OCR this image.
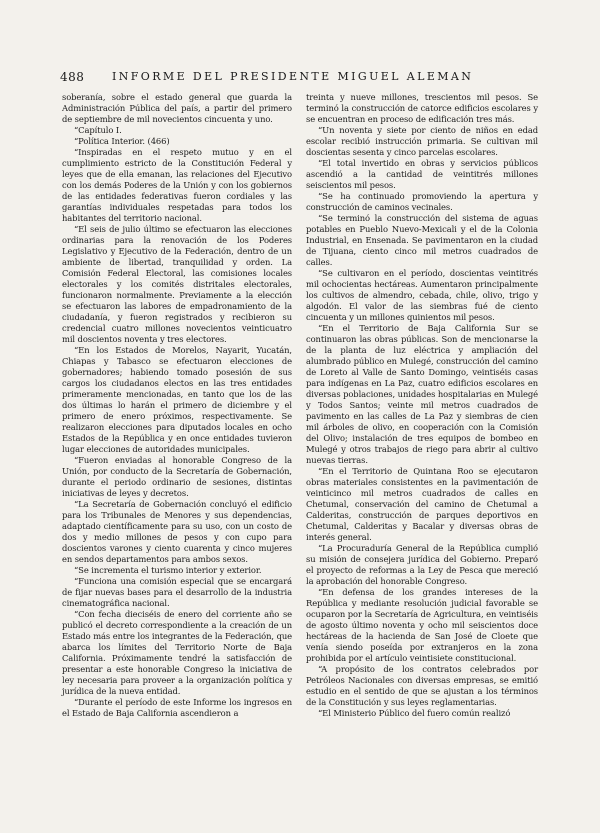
488	INFORME DEL PRESIDENTE MIGUEL ALEMAN

soberanía, sobre el estado general que guarda la Administración Pública del país, a partir del primero de septiembre de mil novecientos cincuenta y uno.

“Capítulo I.

“Política Interior. (466)

“Inspiradas en el respeto mutuo y en el cumplimiento estricto de la Constitución Federal y leyes que de ella emanan, las relaciones del Ejecutivo con los demás Poderes de la Unión y con los gobiernos de las entidades federativas fueron cordiales y las garantías individuales respetadas para todos los habitantes del territorio nacional.

“El seis de julio último se efectuaron las elecciones ordinarias para la renovación de los Poderes Legislativo y Ejecutivo de la Federación, dentro de un ambiente de libertad, tranquilidad y orden. La Comisión Federal Electoral, las comisiones locales electorales y los comités distritales electorales, funcionaron normalmente. Previamente a la elección se efectuaron las labores de empadronamiento de la ciudadanía, y fueron registrados y recibieron su credencial cuatro millones novecientos veinticuatro mil doscientos noventa y tres electores.

“En los Estados de Morelos, Nayarit, Yucatán, Chiapas y Tabasco se efectuaron elecciones de gobernadores; habiendo tomado posesión de sus cargos los ciudadanos electos en las tres entidades primeramente mencionadas, en tanto que los de las dos últimas lo harán el primero de diciembre y el primero de enero próximos, respectivamente. Se realizaron elecciones para diputados locales en ocho Estados de la República y en once entidades tuvieron lugar elecciones de autoridades municipales.

“Fueron enviadas al honorable Congreso de la Unión, por conducto de la Secretaría de Gobernación, durante el periodo ordinario de sesiones, distintas iniciativas de leyes y decretos.

“La Secretaría de Gobernación concluyó el edificio para los Tribunales de Menores y sus dependencias, adaptado científicamente para su uso, con un costo de dos y medio millones de pesos y con cupo para doscientos varones y ciento cuarenta y cinco mujeres en sendos departamentos para ambos sexos.

“Se incrementa el turismo interior y exterior.

“Funciona una comisión especial que se encargará de fijar nuevas bases para el desarrollo de la industria cinematográfica nacional.

“Con fecha dieciséis de enero del corriente año se publicó el decreto correspondiente a la creación de un Estado más entre los integrantes de la Federación, que abarca los límites del Territorio Norte de Baja California. Próximamente tendré la satisfacción de presentar a este honorable Congreso la iniciativa de ley necesaria para proveer a la organización política y jurídica de la nueva entidad.

“Durante el período de este Informe los ingresos en el Estado de Baja California ascendieron a

treinta y nueve millones, trescientos mil pesos. Se terminó la construcción de catorce edificios escolares y se encuentran en proceso de edificación tres más.

“Un noventa y siete por ciento de niños en edad escolar recibió instrucción primaria. Se cultivan mil doscientas sesenta y cinco parcelas escolares.

“El total invertido en obras y servicios públicos ascendió a la cantidad de veintitrés millones seiscientos mil pesos.

“Se ha continuado promoviendo la apertura y construcción de caminos vecinales.

“Se terminó la construcción del sistema de aguas potables en Pueblo Nuevo-Mexicali y el de la Colonia Industrial, en Ensenada. Se pavimentaron en la ciudad de Tijuana, ciento cinco mil metros cuadrados de calles.

“Se cultivaron en el período, doscientas veintitrés mil ochocientas hectáreas. Aumentaron principalmente los cultivos de almendro, cebada, chile, olivo, trigo y algodón. El valor de las siembras fué de ciento cincuenta y un millones quinientos mil pesos.

“En el Territorio de Baja California Sur se continuaron las obras públicas. Son de mencionarse la de la planta de luz eléctrica y ampliación del alumbrado público en Mulegé, construcción del camino de Loreto al Valle de Santo Domingo, veintiséis casas para indígenas en La Paz, cuatro edificios escolares en diversas poblaciones, unidades hospitalarias en Mulegé y Todos Santos; veinte mil metros cuadrados de pavimento en las calles de La Paz y siembras de cien mil árboles de olivo, en cooperación con la Comisión del Olivo; instalación de tres equipos de bombeo en Mulegé y otros trabajos de riego para abrir al cultivo nuevas tierras.

“En el Territorio de Quintana Roo se ejecutaron obras materiales consistentes en la pavimentación de veinticinco mil metros cuadrados de calles en Chetumal, conservación del camino de Chetumal a Calderitas, construcción de parques deportivos en Chetumal, Calderitas y Bacalar y diversas obras de interés general.

“La Procuraduría General de la República cumplió su misión de consejera jurídica del Gobierno. Preparó el proyecto de reformas a la Ley de Pesca que mereció la aprobación del honorable Congreso.

“En defensa de los grandes intereses de la República y mediante resolución judicial favorable se ocuparon por la Secretaría de Agricultura, en veintiséis de agosto último noventa y ocho mil seiscientos doce hectáreas de la hacienda de San José de Cloete que venía siendo poseída por extranjeros en la zona prohibida por el artículo veintisiete constitucional.

“A propósito de los contratos celebrados por Petróleos Nacionales con diversas empresas, se emitió estudio en el sentido de que se ajustan a los términos de la Constitución y sus leyes reglamentarias.

“El Ministerio Público del fuero común realizó
